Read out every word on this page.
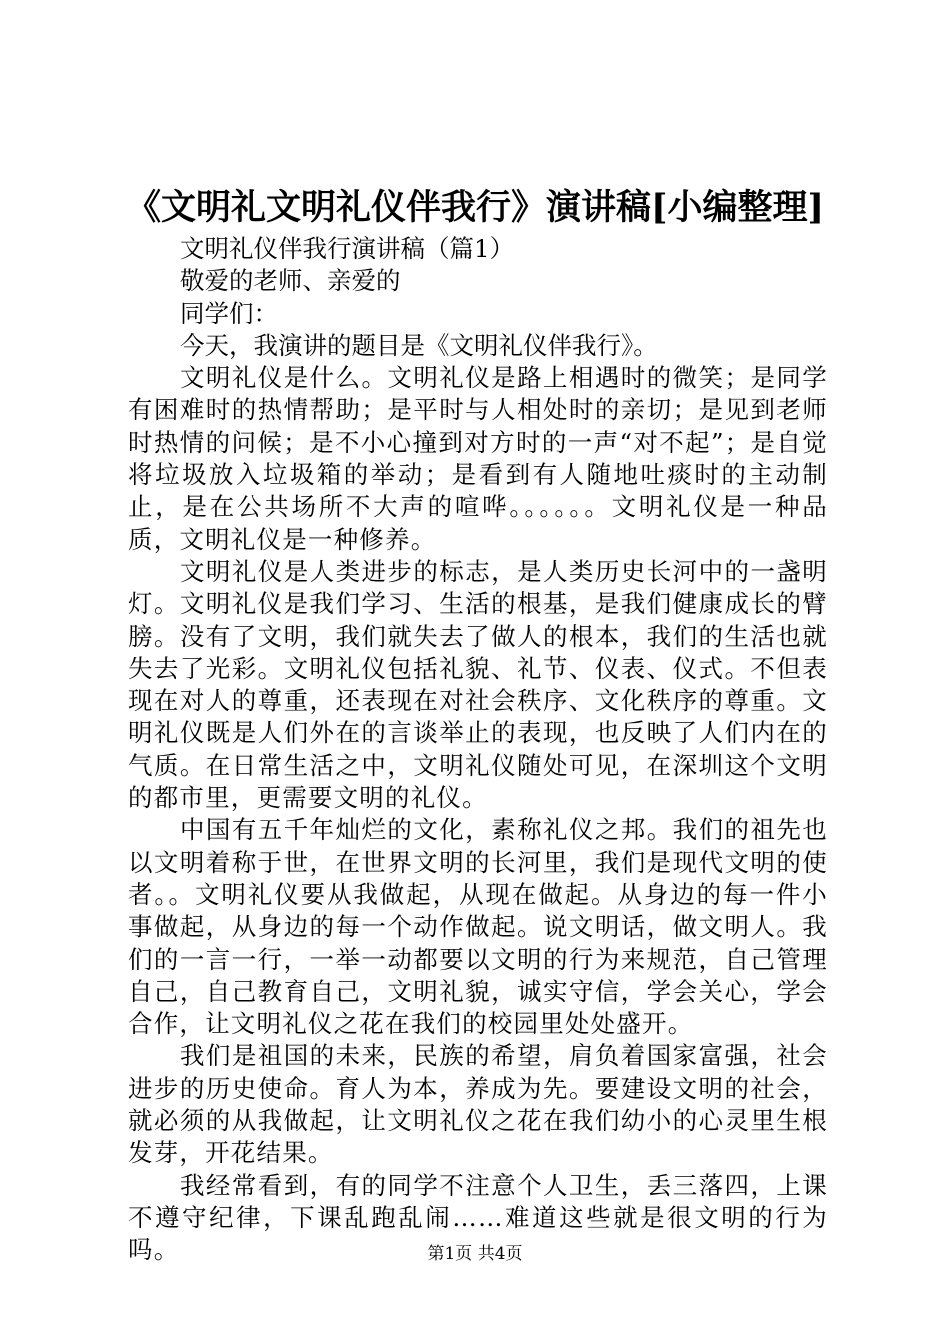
《文明礼文明礼仪伴我行》演讲稿[小编整理]

文明礼仪伴我行演讲稿（篇1）

敬爱的老师、亲爱的

同学们：

今天，我演讲的题目是《文明礼仪伴我行》。

文明礼仪是什么。文明礼仪是路上相遇时的微笑；是同学有困难时的热情帮助；是平时与人相处时的亲切；是见到老师时热情的问候；是不小心撞到对方时的一声“对不起”；是自觉将垃圾放入垃圾箱的举动；是看到有人随地吐痰时的主动制止，是在公共场所不大声的喧哗。。。。。。文明礼仪是一种品质，文明礼仪是一种修养。

文明礼仪是人类进步的标志，是人类历史长河中的一盏明灯。文明礼仪是我们学习、生活的根基，是我们健康成长的臂膀。没有了文明，我们就失去了做人的根本，我们的生活也就失去了光彩。文明礼仪包括礼貌、礼节、仪表、仪式。不但表现在对人的尊重，还表现在对社会秩序、文化秩序的尊重。文明礼仪既是人们外在的言谈举止的表现，也反映了人们内在的气质。在日常生活之中，文明礼仪随处可见，在深圳这个文明的都市里，更需要文明的礼仪。

中国有五千年灿烂的文化，素称礼仪之邦。我们的祖先也以文明着称于世，在世界文明的长河里，我们是现代文明的使者。。文明礼仪要从我做起，从现在做起。从身边的每一件小事做起，从身边的每一个动作做起。说文明话，做文明人。我们的一言一行，一举一动都要以文明的行为来规范，自己管理自己，自己教育自己，文明礼貌，诚实守信，学会关心，学会合作，让文明礼仪之花在我们的校园里处处盛开。

我们是祖国的未来，民族的希望，肩负着国家富强，社会进步的历史使命。育人为本，养成为先。要建设文明的社会，就必须的从我做起，让文明礼仪之花在我们幼小的心灵里生根发芽，开花结果。

我经常看到，有的同学不注意个人卫生，丢三落四，上课不遵守纪律，下课乱跑乱闹……难道这些就是很文明的行为吗。	第1页 共4页
